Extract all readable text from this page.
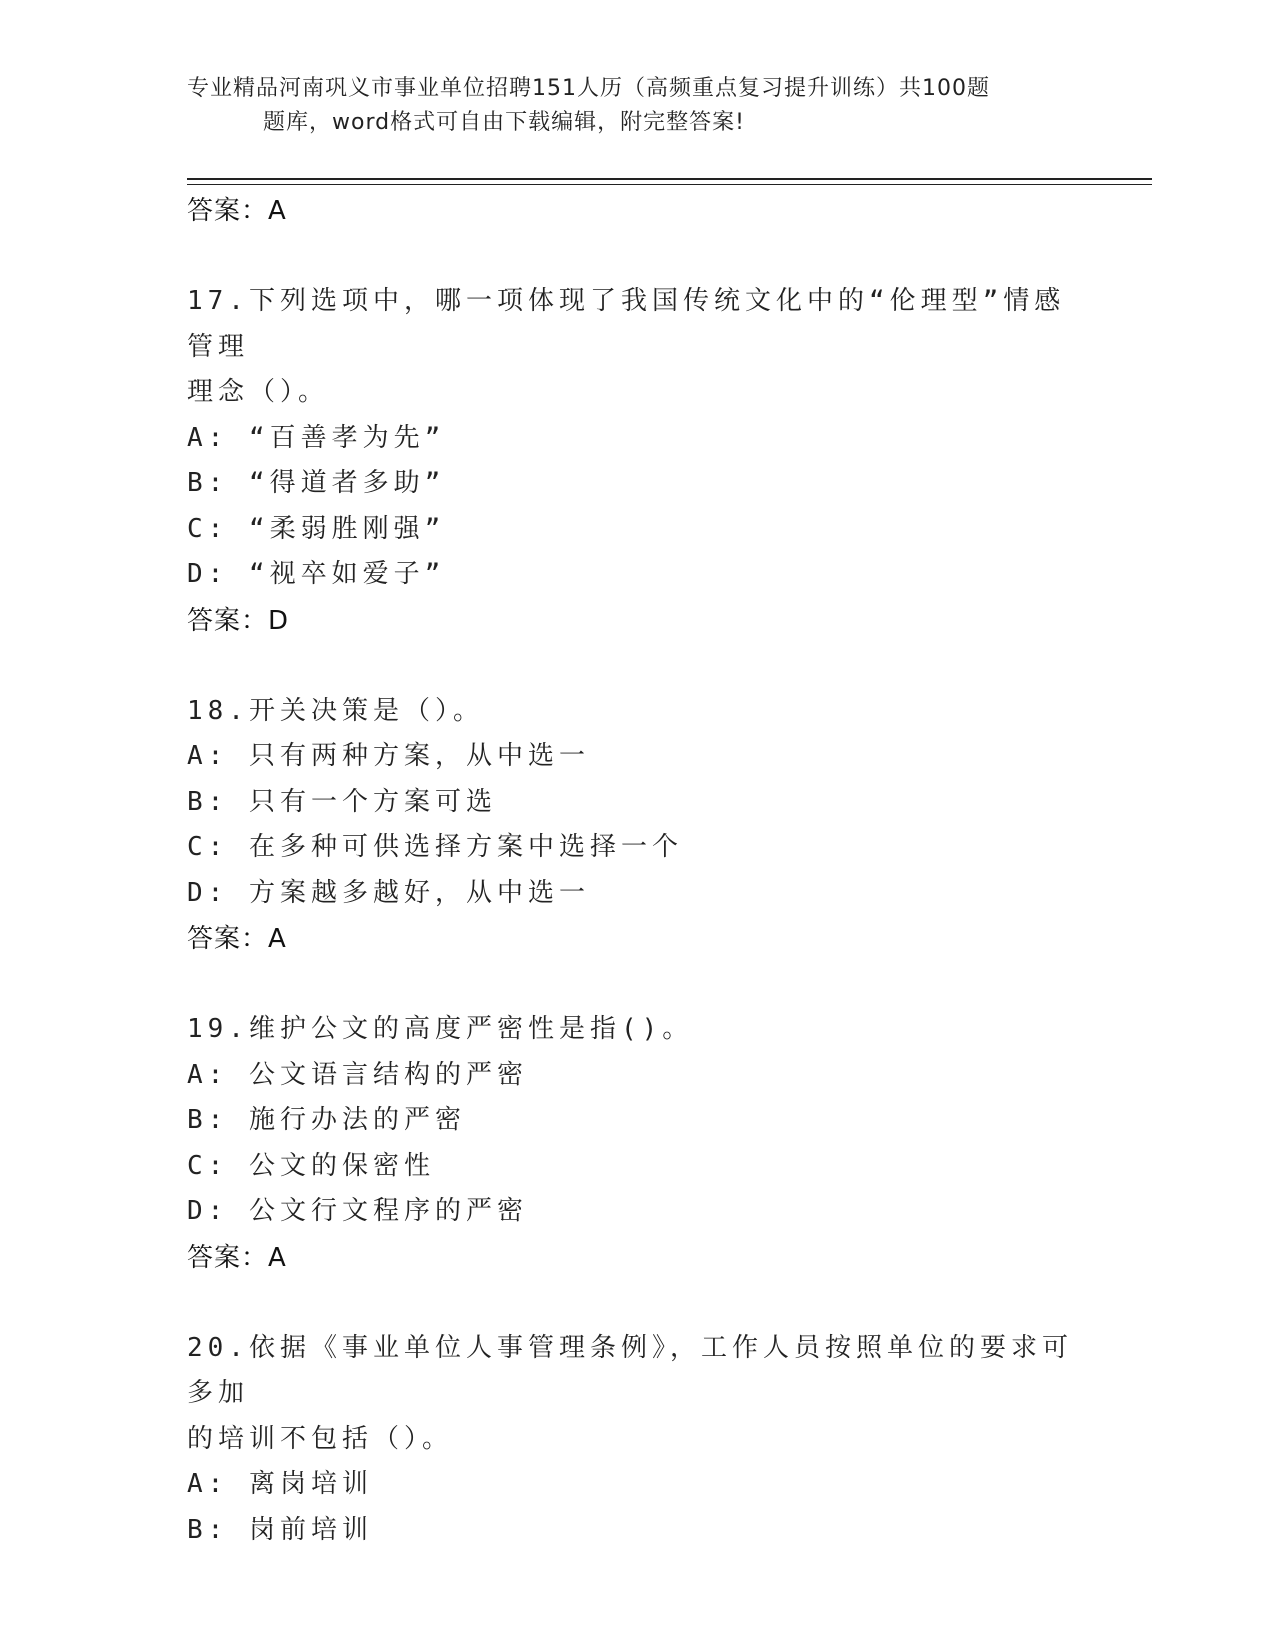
专业精品河南巩义市事业单位招聘151人历（高频重点复习提升训练）共100题
题库，word格式可自由下载编辑，附完整答案!
答案：A
17.下列选项中，哪一项体现了我国传统文化中的“伦理型”情感管理
理念（）。
A: “百善孝为先”
B: “得道者多助”
C: “柔弱胜刚强”
D: “视卒如爱子”
答案：D
18.开关决策是（）。
A: 只有两种方案，从中选一
B: 只有一个方案可选
C: 在多种可供选择方案中选择一个
D: 方案越多越好，从中选一
答案：A
19.维护公文的高度严密性是指()。
A: 公文语言结构的严密
B: 施行办法的严密
C: 公文的保密性
D: 公文行文程序的严密
答案：A
20.依据《事业单位人事管理条例》，工作人员按照单位的要求可多加
的培训不包括（）。
A: 离岗培训
B: 岗前培训
